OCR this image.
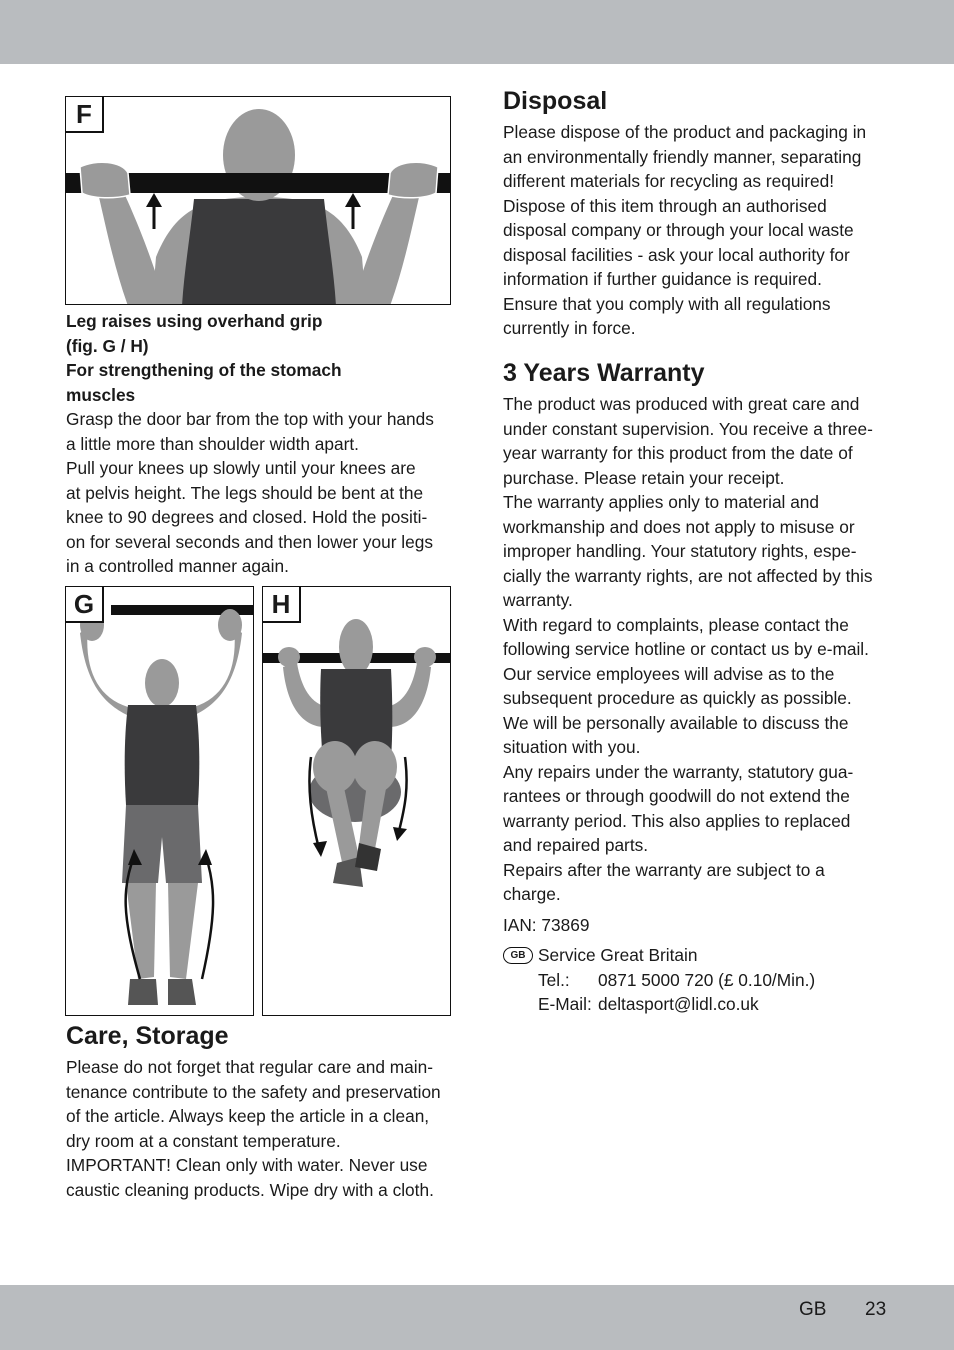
F

Leg raises using overhand grip
(fig. G / H)

For strengthening of the stomach
muscles

Grasp the door bar from the top with your hands
a little more than shoulder width apart.
Pull your knees up slowly until your knees are
at pelvis height. The legs should be bent at the
knee to 90 degrees and closed. Hold the positi-
on for several seconds and then lower your legs
in a controlled manner again.

G	H

Care, Storage

Please do not forget that regular care and main-
tenance contribute to the safety and preservation
of the article. Always keep the article in a clean,
dry room at a constant temperature.
IMPORTANT! Clean only with water. Never use
caustic cleaning products. Wipe dry with a cloth.

Disposal

Please dispose of the product and packaging in
an environmentally friendly manner, separating
different materials for recycling as required!
Dispose of this item through an authorised
disposal company or through your local waste
disposal facilities - ask your local authority for
information if further guidance is required.
Ensure that you comply with all regulations
currently in force.

3 Years Warranty

The product was produced with great care and
under constant supervision. You receive a three-
year warranty for this product from the date of
purchase. Please retain your receipt.
The warranty applies only to material and
workmanship and does not apply to misuse or
improper handling. Your statutory rights, espe-
cially the warranty rights, are not affected by this
warranty.
With regard to complaints, please contact the
following service hotline or contact us by e-mail.
Our service employees will advise as to the
subsequent procedure as quickly as possible.
We will be personally available to discuss the
situation with you.
Any repairs under the warranty, statutory gua-
rantees or through goodwill do not extend the
warranty period. This also applies to replaced
and repaired parts.
Repairs after the warranty are subject to a
charge.

IAN: 73869

GB Service Great Britain
Tel.:	0871 5000 720 (£ 0.10/Min.)
E-Mail: deltasport@lidl.co.uk
GB 23
